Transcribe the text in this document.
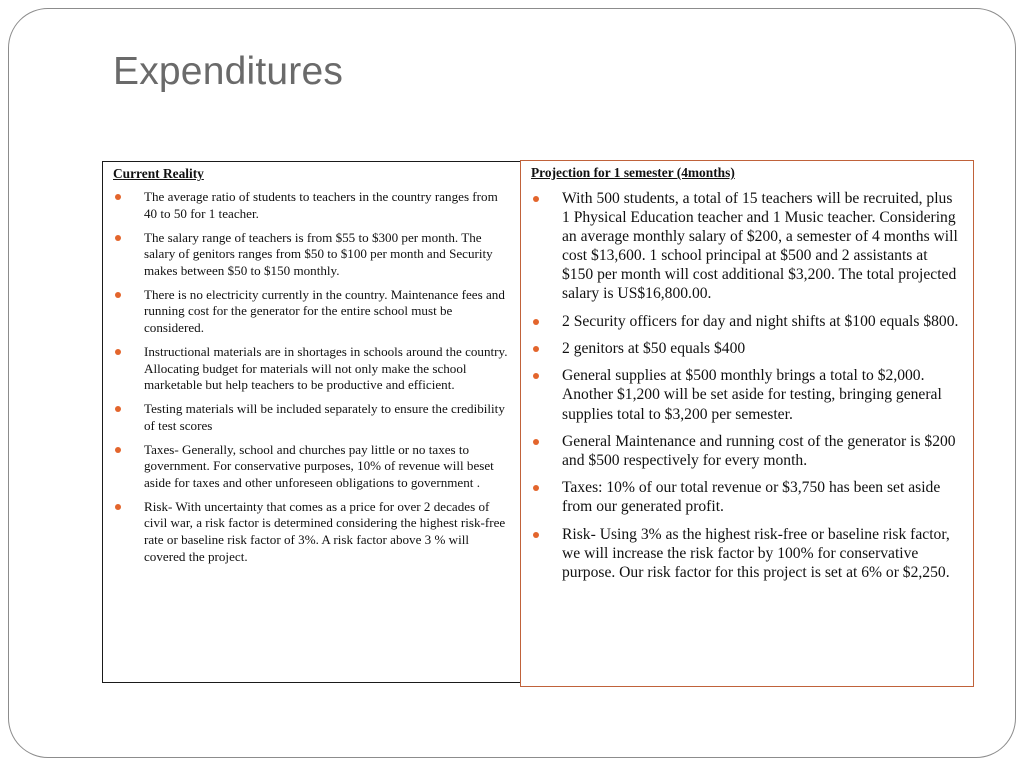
Expenditures

Current Reality

The average ratio of students to teachers in the country ranges from 40 to 50 for 1 teacher.
The salary range of teachers is from $55 to $300 per month. The salary of genitors ranges from $50 to $100 per month and Security makes between $50 to $150 monthly.
There is no electricity currently in the country. Maintenance fees and running cost for the generator for the entire school must be considered.
Instructional materials are in shortages in schools around the country. Allocating budget for materials will not only make the school marketable but help teachers to be productive and efficient.
Testing materials will be included separately to ensure the credibility of test scores
Taxes- Generally, school and churches pay little or no taxes to government. For conservative purposes, 10% of revenue will beset aside for taxes and other unforeseen obligations to government .
Risk- With uncertainty that comes as a price for over 2 decades of civil war, a risk factor is determined considering the highest risk-free rate or baseline risk factor of 3%. A risk factor above 3 % will covered the project.

Projection for 1 semester (4months)

With 500 students, a total of 15 teachers will be recruited, plus 1 Physical Education teacher and 1 Music teacher. Considering an average monthly salary of $200, a semester of 4 months will cost $13,600. 1 school principal at $500 and 2 assistants at $150 per month will cost additional $3,200. The total projected salary is US$16,800.00.
2 Security officers for day and night shifts at $100 equals $800.
2 genitors at $50 equals $400
General supplies at $500 monthly brings a total to $2,000. Another $1,200 will be set aside for testing, bringing general supplies total to $3,200 per semester.
General Maintenance and running cost of the generator is $200 and $500 respectively for every month.
Taxes: 10% of our total revenue or $3,750 has been set aside from our generated profit.
Risk- Using 3% as the highest risk-free or baseline risk factor, we will increase the risk factor by 100% for conservative purpose. Our risk factor for this project is set at 6% or $2,250.
